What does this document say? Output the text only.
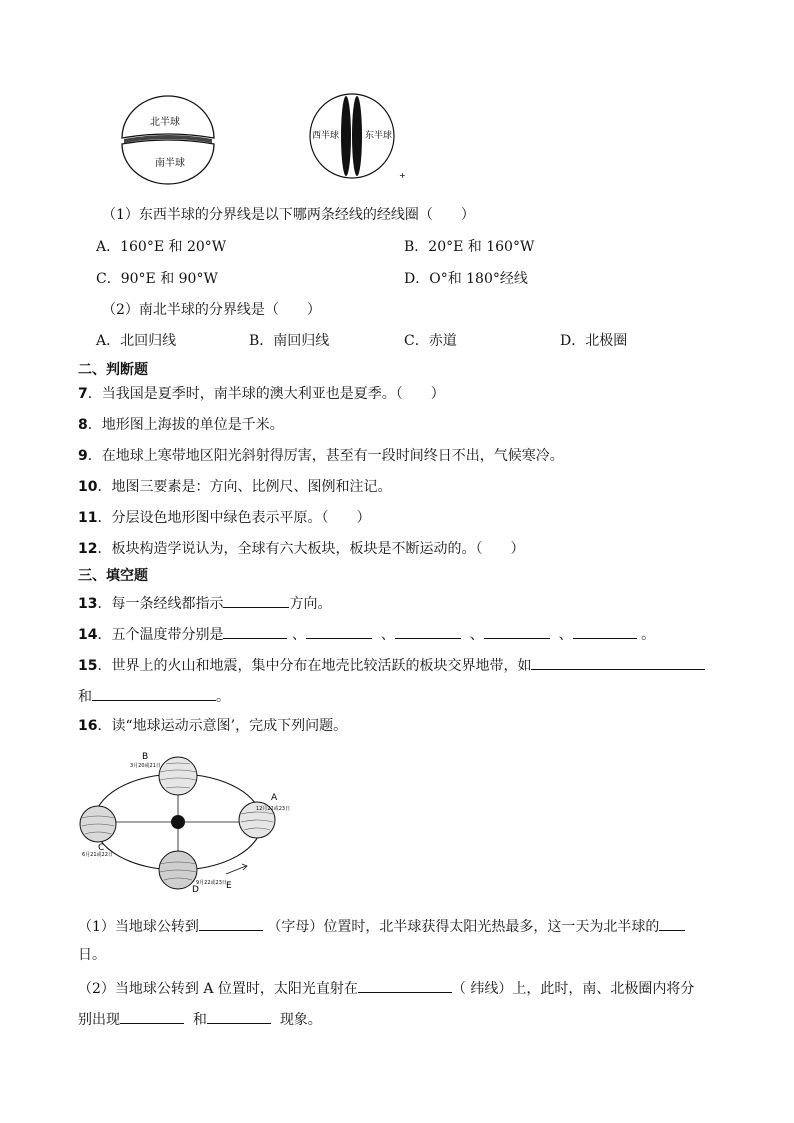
北半球
南半球
西半球	东半球
+
（1）东西半球的分界线是以下哪两条经线的经线圈（　　）
A．160°E 和 20°W	B．20°E 和 160°W
C．90°E 和 90°W	D．O°和 180°经线
（2）南北半球的分界线是（　　）
A．北回归线	B．南回归线	C．赤道	D．北极圈
二、判断题
7．当我国是夏季时，南半球的澳大利亚也是夏季。（　　）
8．地形图上海拔的单位是千米。
9．在地球上寒带地区阳光斜射得厉害，甚至有一段时间终日不出，气候寒冷。
10．地图三要素是：方向、比例尺、图例和注记。
11．分层设色地形图中绿色表示平原。（　　）
12．板块构造学说认为，全球有六大板块，板块是不断运动的。（　　）
三、填空题
13．每一条经线都指示	方向。
14．五个温度带分别是	、	、	、	、	。
15．世界上的火山和地震，集中分布在地壳比较活跃的板块交界地带，如
和	。
16．读“地球运动示意图’，完成下列问题。
B
3月20或21日
A
12月22或23日
C
6月21或22日
D
9月22或23日 E
（1）当地球公转到	（字母）位置时，北半球获得太阳光热最多，这一天为北半球的
日。
（2）当地球公转到 A 位置时，太阳光直射在	（ 纬线）上，此时，南、北极圈内将分
别出现	和	现象。
